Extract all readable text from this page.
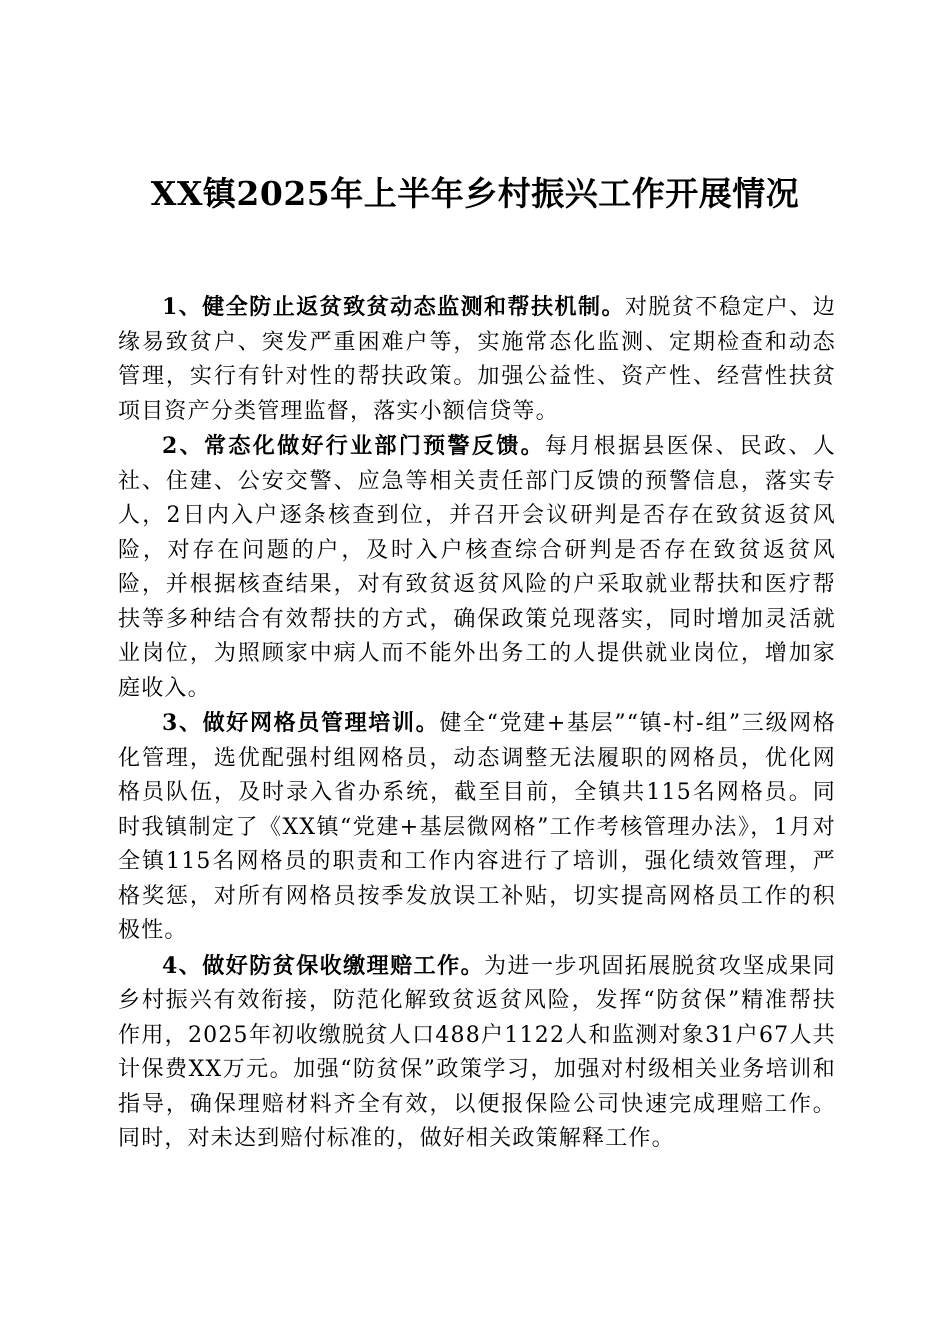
XX镇2025年上半年乡村振兴工作开展情况

1、健全防止返贫致贫动态监测和帮扶机制。对脱贫不稳定户、边缘易致贫户、突发严重困难户等，实施常态化监测、定期检查和动态管理，实行有针对性的帮扶政策。加强公益性、资产性、经营性扶贫项目资产分类管理监督，落实小额信贷等。

2、常态化做好行业部门预警反馈。每月根据县医保、民政、人社、住建、公安交警、应急等相关责任部门反馈的预警信息，落实专人，2日内入户逐条核查到位，并召开会议研判是否存在致贫返贫风险，对存在问题的户，及时入户核查综合研判是否存在致贫返贫风险，并根据核查结果，对有致贫返贫风险的户采取就业帮扶和医疗帮扶等多种结合有效帮扶的方式，确保政策兑现落实，同时增加灵活就业岗位，为照顾家中病人而不能外出务工的人提供就业岗位，增加家庭收入。

3、做好网格员管理培训。健全“党建+基层”“镇-村-组”三级网格化管理，选优配强村组网格员，动态调整无法履职的网格员，优化网格员队伍，及时录入省办系统，截至目前，全镇共115名网格员。同时我镇制定了《XX镇“党建+基层微网格”工作考核管理办法》，1月对全镇115名网格员的职责和工作内容进行了培训，强化绩效管理，严格奖惩，对所有网格员按季发放误工补贴，切实提高网格员工作的积极性。

4、做好防贫保收缴理赔工作。为进一步巩固拓展脱贫攻坚成果同乡村振兴有效衔接，防范化解致贫返贫风险，发挥“防贫保”精准帮扶作用，2025年初收缴脱贫人口488户1122人和监测对象31户67人共计保费XX万元。加强“防贫保”政策学习，加强对村级相关业务培训和指导，确保理赔材料齐全有效，以便报保险公司快速完成理赔工作。同时，对未达到赔付标准的，做好相关政策解释工作。
